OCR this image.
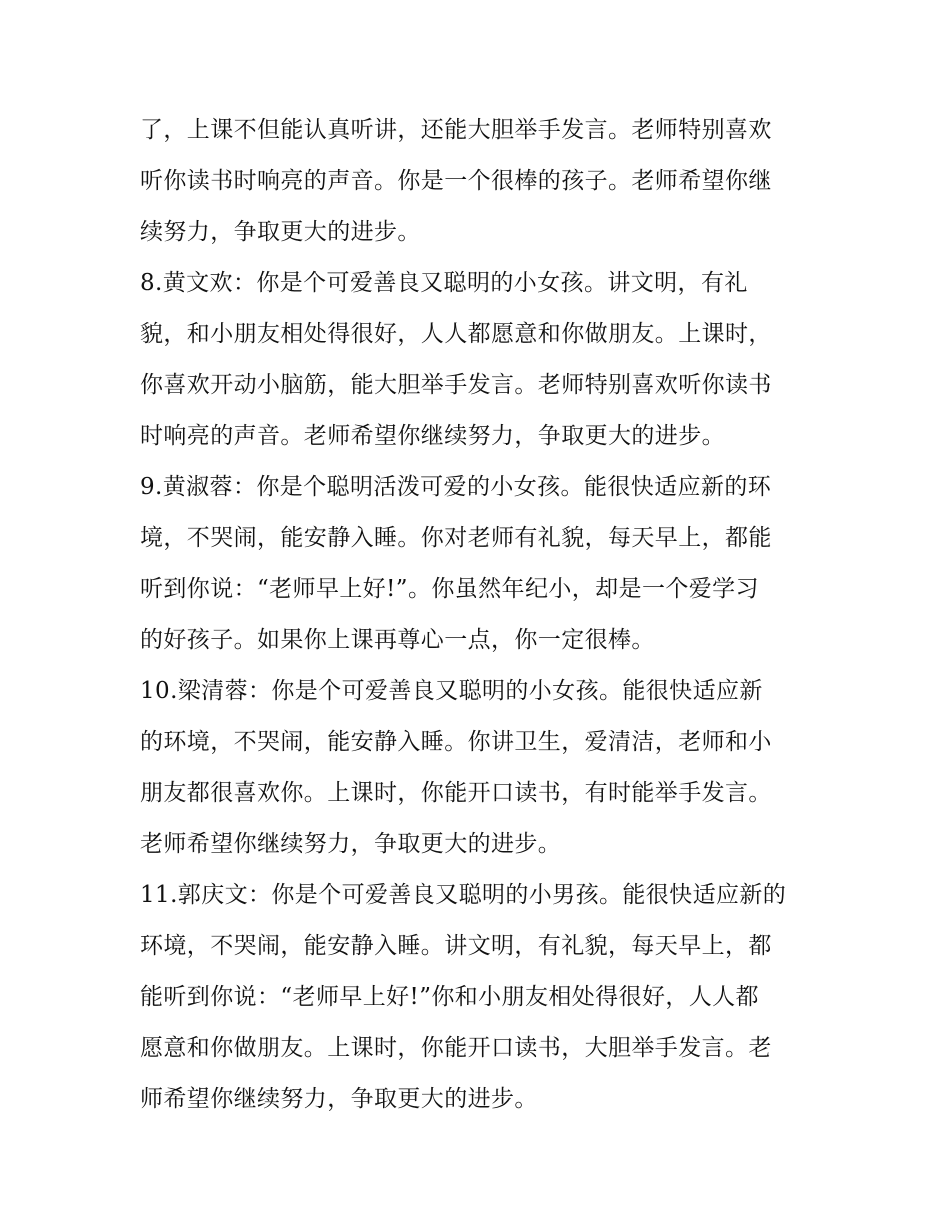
了，上课不但能认真听讲，还能大胆举手发言。老师特别喜欢
听你读书时响亮的声音。你是一个很棒的孩子。老师希望你继
续努力，争取更大的进步。
8.黄文欢：你是个可爱善良又聪明的小女孩。讲文明，有礼
貌，和小朋友相处得很好，人人都愿意和你做朋友。上课时，
你喜欢开动小脑筋，能大胆举手发言。老师特别喜欢听你读书
时响亮的声音。老师希望你继续努力，争取更大的进步。
9.黄淑蓉：你是个聪明活泼可爱的小女孩。能很快适应新的环
境，不哭闹，能安静入睡。你对老师有礼貌，每天早上，都能
听到你说：“老师早上好!”。你虽然年纪小，却是一个爱学习
的好孩子。如果你上课再尊心一点，你一定很棒。
10.梁清蓉：你是个可爱善良又聪明的小女孩。能很快适应新
的环境，不哭闹，能安静入睡。你讲卫生，爱清洁，老师和小
朋友都很喜欢你。上课时，你能开口读书，有时能举手发言。
老师希望你继续努力，争取更大的进步。
11.郭庆文：你是个可爱善良又聪明的小男孩。能很快适应新的
环境，不哭闹，能安静入睡。讲文明，有礼貌，每天早上，都
能听到你说：“老师早上好!”你和小朋友相处得很好，人人都
愿意和你做朋友。上课时，你能开口读书，大胆举手发言。老
师希望你继续努力，争取更大的进步。
